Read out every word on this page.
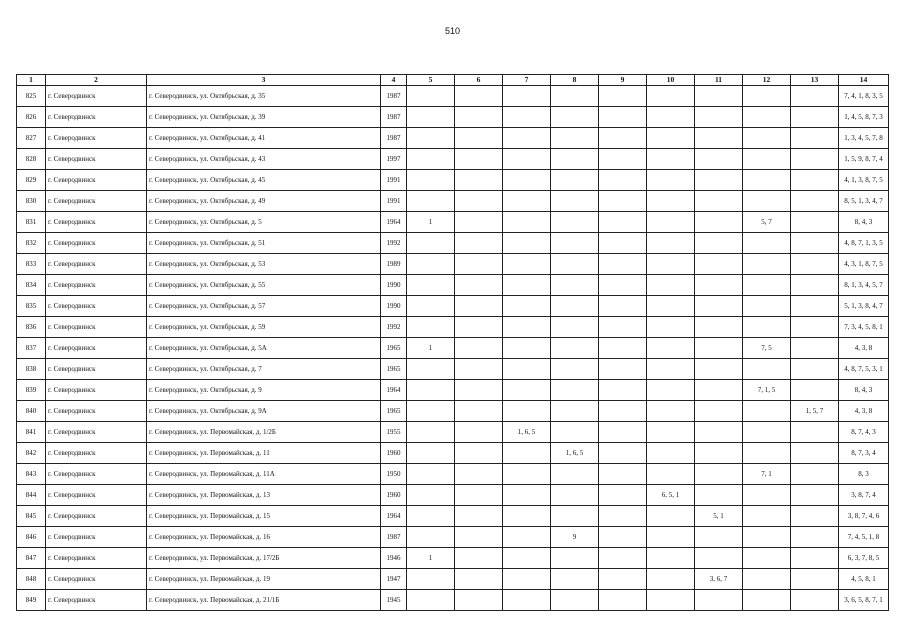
510
1	2	3	4	5	6	7	8	9	10	11	12	13	14
825	г. Северодвинск	г. Северодвинск, ул. Октябрьская, д. 35	1987										7, 4, 1, 8, 3, 5
826	г. Северодвинск	г. Северодвинск, ул. Октябрьская, д. 39	1987										1, 4, 5, 8, 7, 3
827	г. Северодвинск	г. Северодвинск, ул. Октябрьская, д. 41	1987										1, 3, 4, 5, 7, 8
828	г. Северодвинск	г. Северодвинск, ул. Октябрьская, д. 43	1997										1, 5, 9, 8, 7, 4
829	г. Северодвинск	г. Северодвинск, ул. Октябрьская, д. 45	1991										4, 1, 3, 8, 7, 5
830	г. Северодвинск	г. Северодвинск, ул. Октябрьская, д. 49	1991										8, 5, 1, 3, 4, 7
831	г. Северодвинск	г. Северодвинск, ул. Октябрьская, д. 5	1964	1							5, 7		8, 4, 3
832	г. Северодвинск	г. Северодвинск, ул. Октябрьская, д. 51	1992										4, 8, 7, 1, 3, 5
833	г. Северодвинск	г. Северодвинск, ул. Октябрьская, д. 53	1989										4, 3, 1, 8, 7, 5
834	г. Северодвинск	г. Северодвинск, ул. Октябрьская, д. 55	1990										8, 1, 3, 4, 5, 7
835	г. Северодвинск	г. Северодвинск, ул. Октябрьская, д. 57	1990										5, 1, 3, 8, 4, 7
836	г. Северодвинск	г. Северодвинск, ул. Октябрьская, д. 59	1992										7, 3, 4, 5, 8, 1
837	г. Северодвинск	г. Северодвинск, ул. Октябрьская, д. 5А	1965	1							7, 5		4, 3, 8
838	г. Северодвинск	г. Северодвинск, ул. Октябрьская, д. 7	1965										4, 8, 7, 5, 3, 1
839	г. Северодвинск	г. Северодвинск, ул. Октябрьская, д. 9	1964								7, 1, 5		8, 4, 3
840	г. Северодвинск	г. Северодвинск, ул. Октябрьская, д. 9А	1965									1, 5, 7	4, 3, 8
841	г. Северодвинск	г. Северодвинск, ул. Первомайская, д. 1/2Б	1955			1, 6, 5							8, 7, 4, 3
842	г. Северодвинск	г. Северодвинск, ул. Первомайская, д. 11	1960				1, 6, 5						8, 7, 3, 4
843	г. Северодвинск	г. Северодвинск, ул. Первомайская, д. 11А	1950								7, 1		8, 3
844	г. Северодвинск	г. Северодвинск, ул. Первомайская, д. 13	1960						6, 5, 1				3, 8, 7, 4
845	г. Северодвинск	г. Северодвинск, ул. Первомайская, д. 15	1964							5, 1			3, 8, 7, 4, 6
846	г. Северодвинск	г. Северодвинск, ул. Первомайская, д. 16	1987				9						7, 4, 5, 1, 8
847	г. Северодвинск	г. Северодвинск, ул. Первомайская, д. 17/2Б	1946	1									6, 3, 7, 8, 5
848	г. Северодвинск	г. Северодвинск, ул. Первомайская, д. 19	1947							3, 6, 7			4, 5, 8, 1
849	г. Северодвинск	г. Северодвинск, ул. Первомайская, д. 21/1Б	1945										3, 6, 5, 8, 7, 1
